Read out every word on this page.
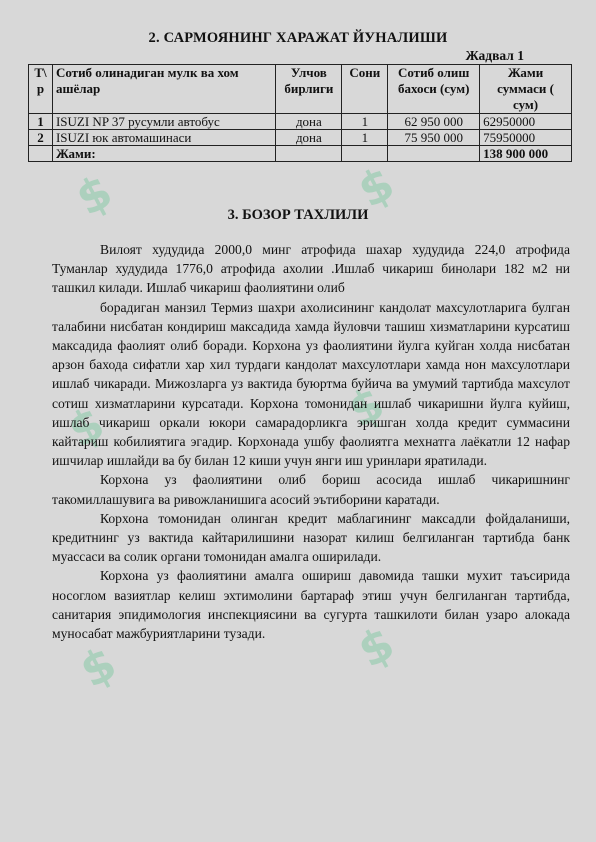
$	$
$	$
$	$
2. САРМОЯНИНГ ХАРАЖАТ ЙУНАЛИШИ
Жадвал 1
Т\ р	Сотиб олинадиган мулк ва хом ашёлар	Улчов бирлиги	Сони	Сотиб олиш бахоси (сум)	Жами суммаси ( сум)
1	ISUZI NP 37 русумли автобус	дона	1	62 950 000	62950000
2	ISUZI юк автомашинаси	дона	1	75 950 000	75950000
	Жами:				138 900 000
3. БОЗОР ТАХЛИЛИ

Вилоят худудида 2000,0 минг атрофида шахар худудида 224,0 атрофида Туманлар худудида 1776,0 атрофида ахолии .Ишлаб чикариш бинолари 182 м2 ни ташкил килади. Ишлаб чикариш фаолиятини олиб

борадиган манзил Термиз шахри ахолисининг кандолат махсулотларига булган талабини нисбатан кондириш максадида хамда йуловчи ташиш хизматларини курсатиш максадида фаолият олиб боради. Корхона уз фаолиятини йулга куйган холда нисбатан арзон бахода сифатли хар хил турдаги кандолат махсулотлари хамда нон махсулотлари ишлаб чикаради. Мижозларга уз вактида буюртма буйича ва умумий тартибда махсулот сотиш хизматларини курсатади. Корхона томонидан ишлаб чикаришни йулга куйиш, ишлаб чикариш оркали юкори самарадорликга эришган холда кредит суммасини кайтариш кобилиятига эгадир. Корхонада ушбу фаолиятга мехнатга лаёкатли 12 нафар ишчилар ишлайди ва бу билан 12 киши учун янги иш уринлари яратилади.

Корхона уз фаолиятини олиб бориш асосида ишлаб чикаришнинг такомиллашувига ва ривожланишига асосий эътиборини каратади.

Корхона томонидан олинган кредит маблагининг максадли фойдаланиши, кредитнинг уз вактида кайтарилишини назорат килиш белгиланган тартибда банк муассаси ва солик органи томонидан амалга оширилади.

Корхона уз фаолиятини амалга ошириш давомида ташки мухит таъсирида носоглом вазиятлар келиш эхтимолини бартараф этиш учун белгиланган тартибда, санитария эпидимология инспекциясини ва сугурта ташкилоти билан узаро алокада муносабат мажбуриятларини тузади.
